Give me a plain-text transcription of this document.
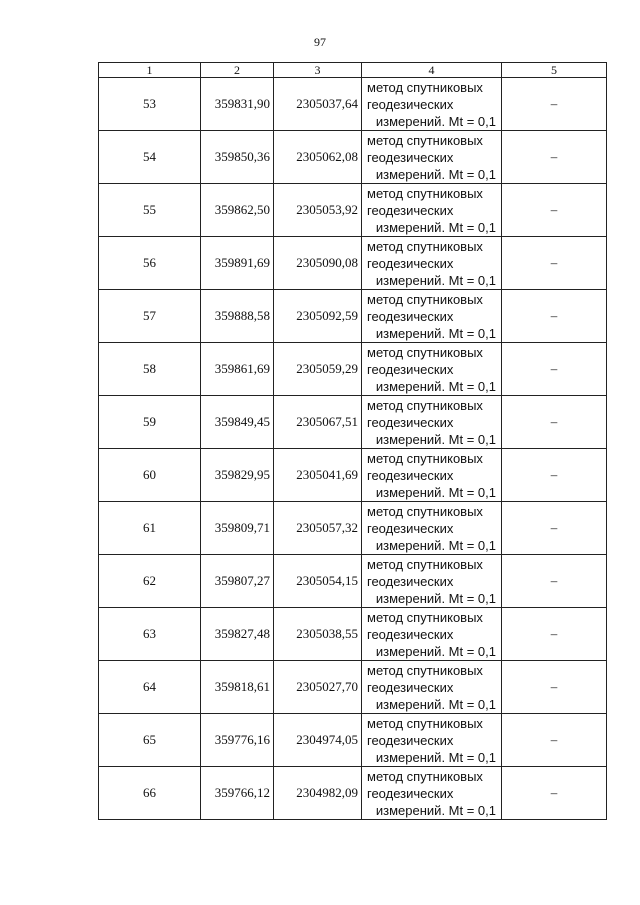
97
1	2	3	4	5
53	359831,90	2305037,64	метод спутниковых
геодезических
измерений. Mt = 0,1	–
54	359850,36	2305062,08	метод спутниковых
геодезических
измерений. Mt = 0,1	–
55	359862,50	2305053,92	метод спутниковых
геодезических
измерений. Mt = 0,1	–
56	359891,69	2305090,08	метод спутниковых
геодезических
измерений. Mt = 0,1	–
57	359888,58	2305092,59	метод спутниковых
геодезических
измерений. Mt = 0,1	–
58	359861,69	2305059,29	метод спутниковых
геодезических
измерений. Mt = 0,1	–
59	359849,45	2305067,51	метод спутниковых
геодезических
измерений. Mt = 0,1	–
60	359829,95	2305041,69	метод спутниковых
геодезических
измерений. Mt = 0,1	–
61	359809,71	2305057,32	метод спутниковых
геодезических
измерений. Mt = 0,1	–
62	359807,27	2305054,15	метод спутниковых
геодезических
измерений. Mt = 0,1	–
63	359827,48	2305038,55	метод спутниковых
геодезических
измерений. Mt = 0,1	–
64	359818,61	2305027,70	метод спутниковых
геодезических
измерений. Mt = 0,1	–
65	359776,16	2304974,05	метод спутниковых
геодезических
измерений. Mt = 0,1	–
66	359766,12	2304982,09	метод спутниковых
геодезических
измерений. Mt = 0,1	–
